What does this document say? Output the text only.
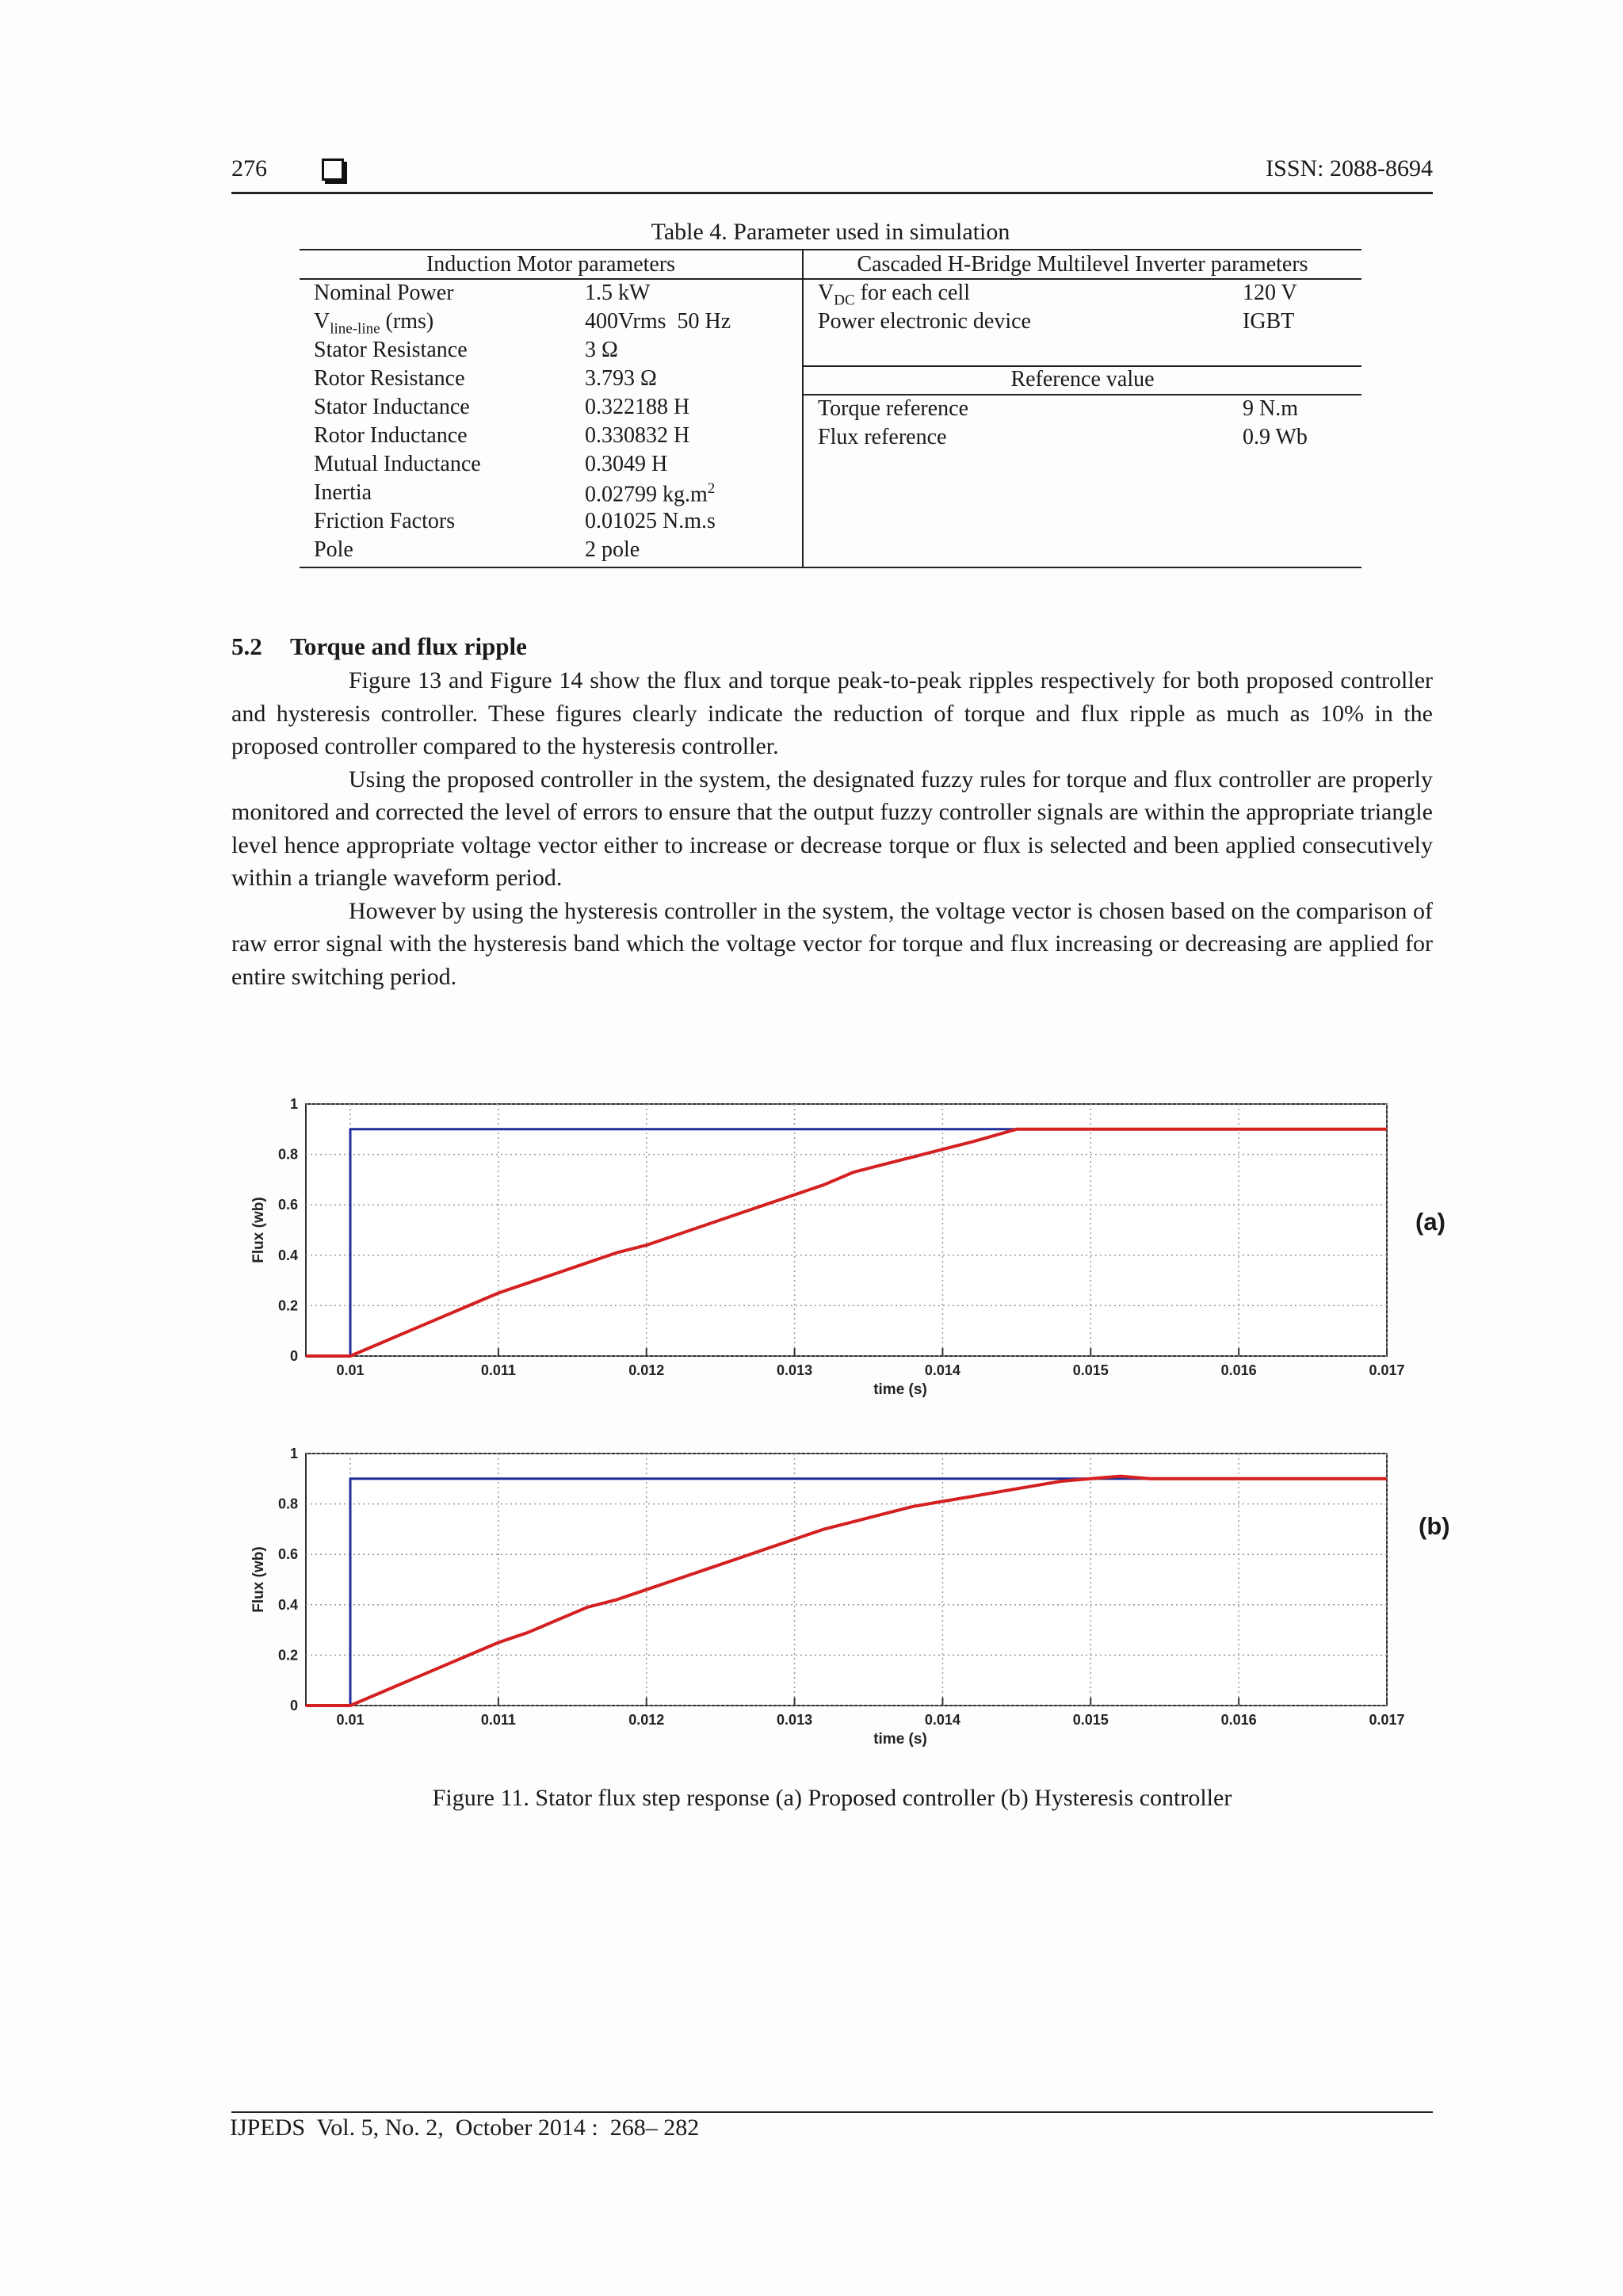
276	ISSN: 2088-8694
Table 4. Parameter used in simulation
Induction Motor parameters	Cascaded H-Bridge Multilevel Inverter parameters
Nominal Power	1.5 kW
$V_{line-line}$ (rms)	400Vrms  50 Hz
Stator Resistance	3 Ω
Rotor Resistance	3.793 Ω
Stator Inductance	0.322188 H
Rotor Inductance	0.330832 H
Mutual Inductance	0.3049 H
Inertia	0.02799 $kg.m^2$
Friction Factors	0.01025 N.m.s
Pole	2 pole
$V_{DC}$ for each cell	120 V
Power electronic device	IGBT
Reference value
Torque reference	9 N.m
Flux reference	0.9 Wb
5.2 Torque and flux ripple

Figure 13 and Figure 14 show the flux and torque peak-to-peak ripples respectively for both proposed controller and hysteresis controller. These figures clearly indicate the reduction of torque and flux ripple as much as 10% in the proposed controller compared to the hysteresis controller.

Using the proposed controller in the system, the designated fuzzy rules for torque and flux controller are properly monitored and corrected the level of errors to ensure that the output fuzzy controller signals are within the appropriate triangle level hence appropriate voltage vector either to increase or decrease torque or flux is selected and been applied consecutively within a triangle waveform period.

However by using the hysteresis controller in the system, the voltage vector is chosen based on the comparison of raw error signal with the hysteresis band which the voltage vector for torque and flux increasing or decreasing are applied for entire switching period.

0.01	0.011	0.012	0.013	0.014	0.015	0.016	0.017
0
0.2
0.4
0.6
0.8
1
time (s)
Flux (wb)
0.01	0.011	0.012	0.013	0.014	0.015	0.016	0.017
0
0.2
0.4
0.6
0.8
1
time (s)
Flux (wb)
(a)
(b)
Figure 11. Stator flux step response (a) Proposed controller (b) Hysteresis controller
IJPEDS  Vol. 5, No. 2,  October 2014 :  268– 282
